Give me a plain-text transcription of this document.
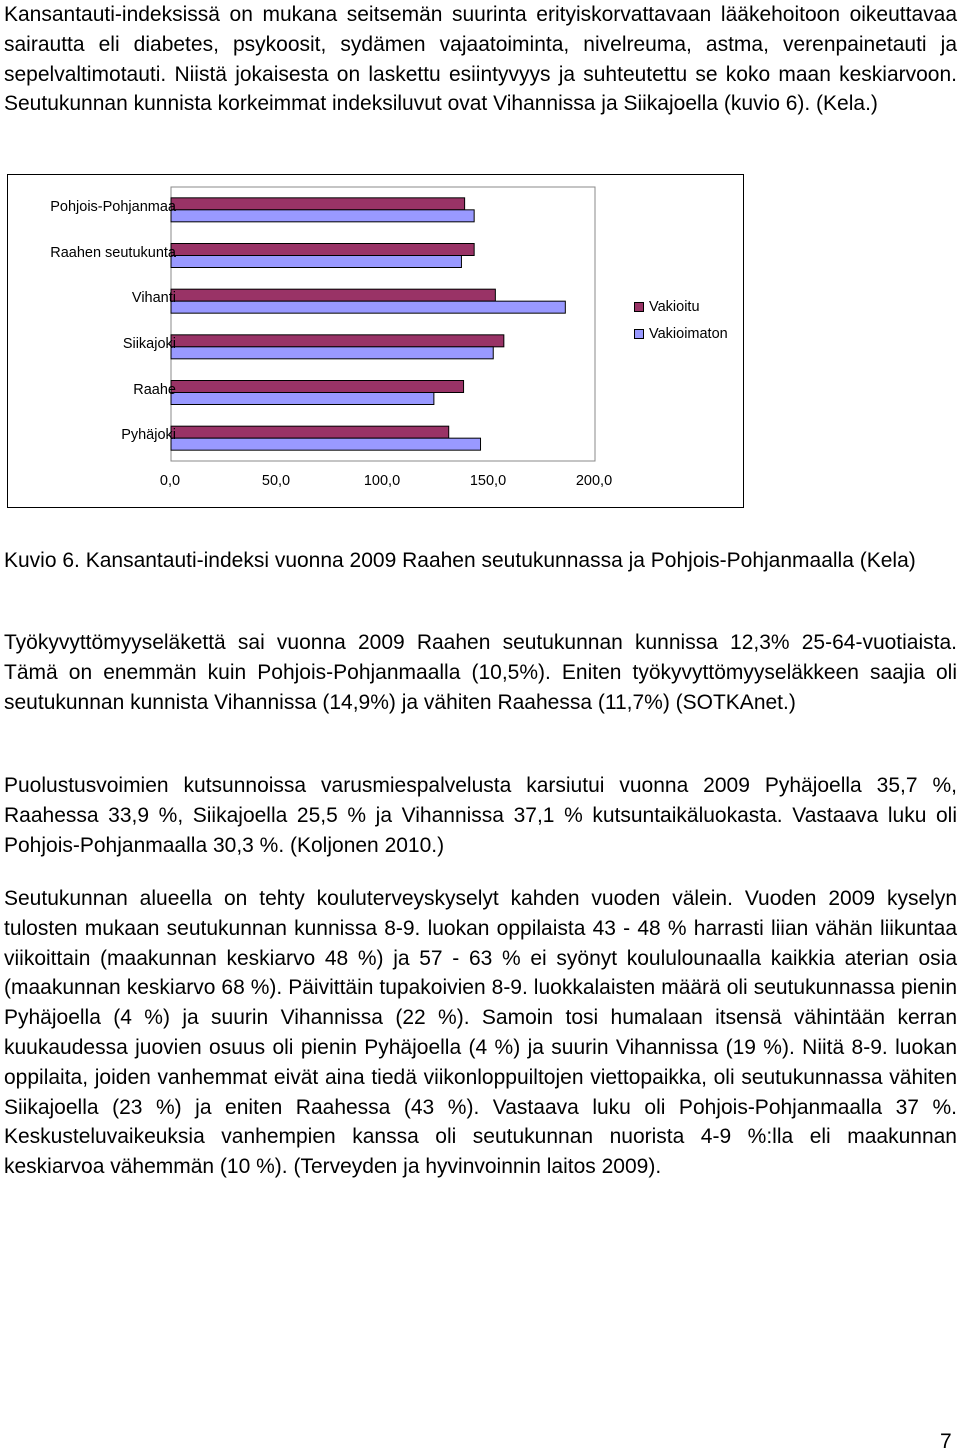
Kansantauti-indeksissä on mukana seitsemän suurinta erityiskorvattavaan lääkehoitoon oikeuttavaa sairautta eli diabetes, psykoosit, sydämen vajaatoiminta, nivelreuma, astma, verenpainetauti ja sepelvaltimotauti. Niistä jokaisesta on laskettu esiintyvyys ja suhteutettu se koko maan keskiarvoon. Seutukunnan kunnista korkeimmat indeksiluvut ovat Vihannissa ja Siikajoella (kuvio 6). (Kela.)

Pohjois-Pohjanmaa
Raahen seutukunta
Vihanti
Siikajoki
Raahe
Pyhäjoki
0,0	50,0	100,0	150,0	200,0
Vakioitu
Vakioimaton

Kuvio 6. Kansantauti-indeksi vuonna 2009 Raahen seutukunnassa ja Pohjois-Pohjanmaalla (Kela)

Työkyvyttömyyseläkettä sai vuonna 2009 Raahen seutukunnan kunnissa 12,3% 25-64-vuotiaista. Tämä on enemmän kuin Pohjois-Pohjanmaalla (10,5%). Eniten työkyvyttömyyseläkkeen saajia oli seutukunnan kunnista Vihannissa (14,9%) ja vähiten Raahessa (11,7%) (SOTKAnet.)

Puolustusvoimien kutsunnoissa varusmiespalvelusta karsiutui vuonna 2009 Pyhäjoella 35,7 %, Raahessa 33,9 %, Siikajoella 25,5 % ja Vihannissa 37,1 % kutsuntaikäluokasta. Vastaava luku oli Pohjois-Pohjanmaalla 30,3 %. (Koljonen 2010.)

Seutukunnan alueella on tehty kouluterveyskyselyt kahden vuoden välein. Vuoden 2009 kyselyn tulosten mukaan seutukunnan kunnissa 8-9. luokan oppilaista 43 - 48 % harrasti liian vähän liikuntaa viikoittain (maakunnan keskiarvo 48 %) ja 57 - 63 % ei syönyt koululounaalla kaikkia aterian osia (maakunnan keskiarvo 68 %). Päivittäin tupakoivien 8-9. luokkalaisten määrä oli seutukunnassa pienin Pyhäjoella (4 %) ja suurin Vihannissa (22 %). Samoin tosi humalaan itsensä vähintään kerran kuukaudessa juovien osuus oli pienin Pyhäjoella (4 %) ja suurin Vihannissa (19 %). Niitä 8-9. luokan oppilaita, joiden vanhemmat eivät aina tiedä viikonloppuiltojen viettopaikka, oli seutukunnassa vähiten Siikajoella (23 %) ja eniten Raahessa (43 %). Vastaava luku oli Pohjois-Pohjanmaalla 37 %. Keskusteluvaikeuksia vanhempien kanssa oli seutukunnan nuorista 4-9 %:lla eli maakunnan keskiarvoa vähemmän (10 %). (Terveyden ja hyvinvoinnin laitos 2009).

7
